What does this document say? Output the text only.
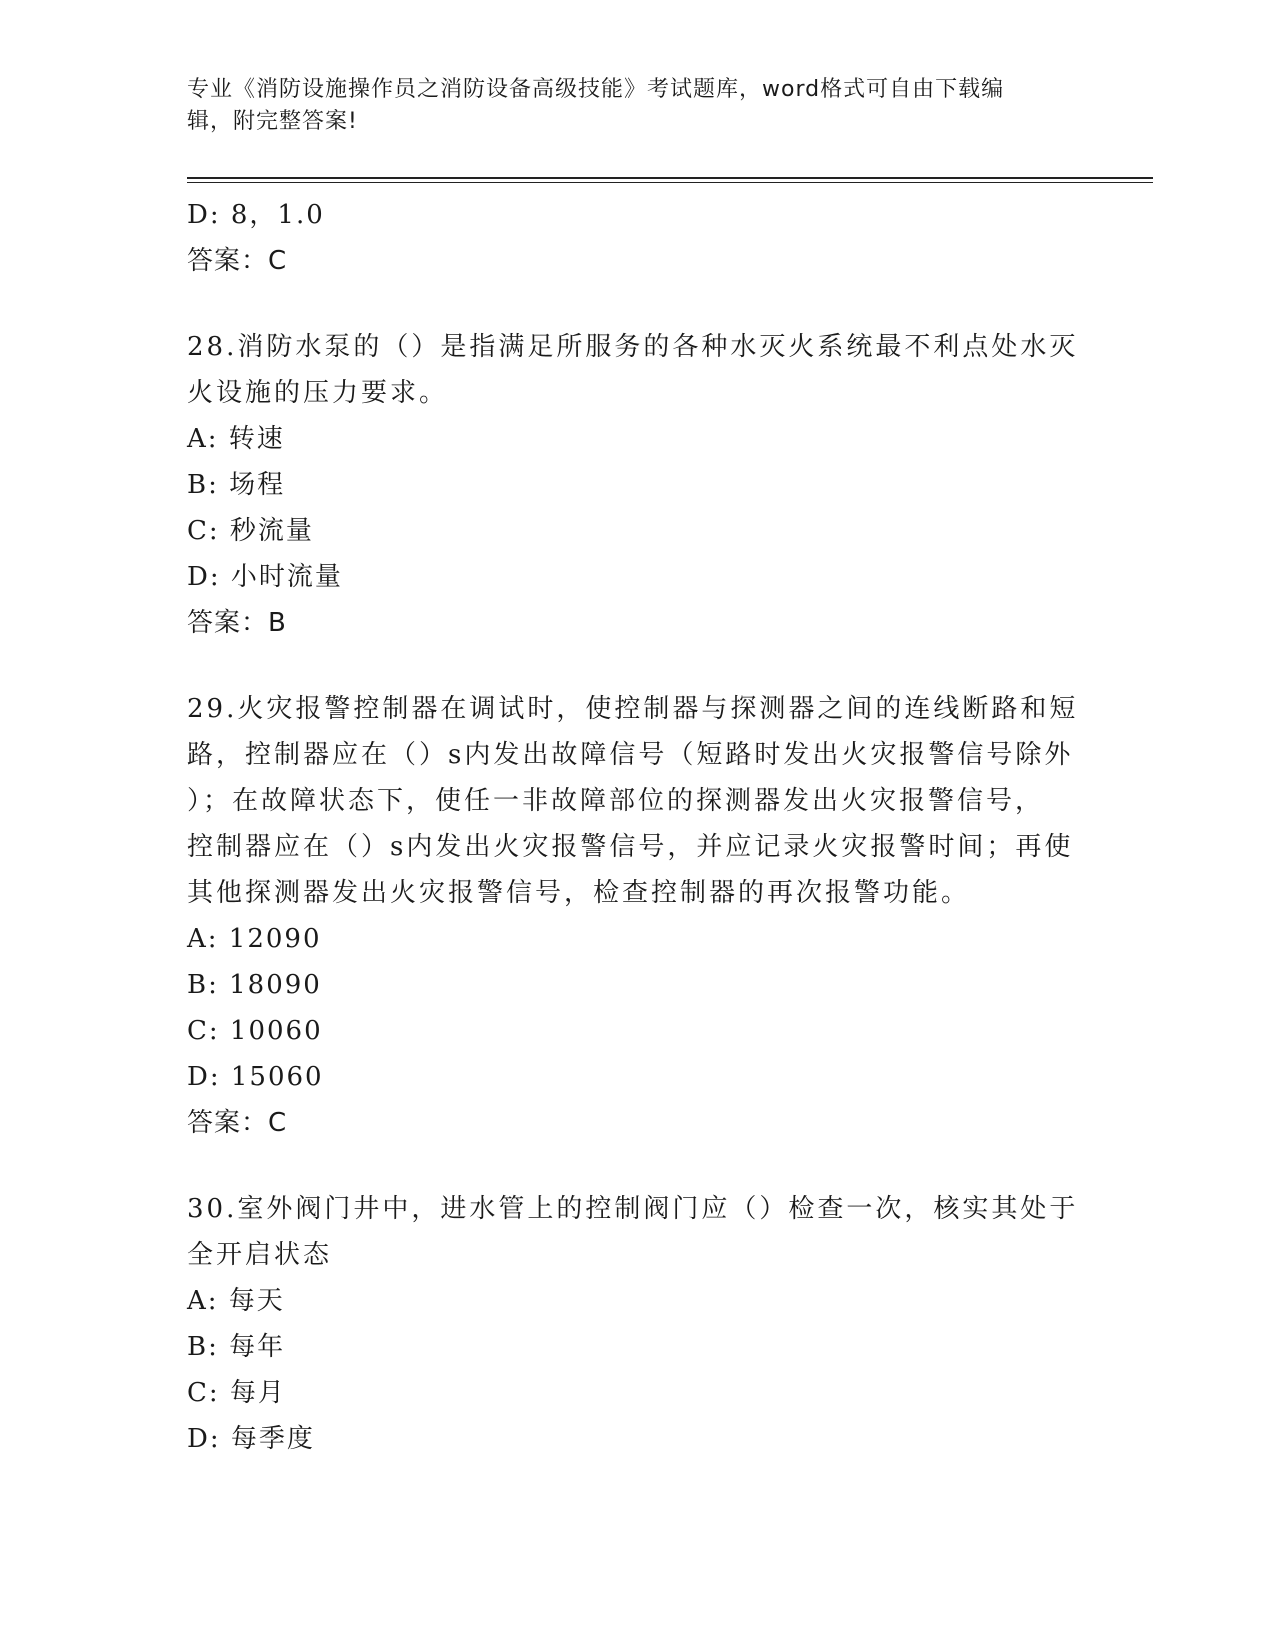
专业《消防设施操作员之消防设备高级技能》考试题库，word格式可自由下载编
辑，附完整答案!
D: 8，1.0
答案：C
28.消防水泵的（）是指满足所服务的各种水灭火系统最不利点处水灭
火设施的压力要求。
A: 转速
B: 场程
C: 秒流量
D: 小时流量
答案：B
29.火灾报警控制器在调试时，使控制器与探测器之间的连线断路和短
路，控制器应在（）s内发出故障信号（短路时发出火灾报警信号除外
）；在故障状态下，使任一非故障部位的探测器发出火灾报警信号，
控制器应在（）s内发出火灾报警信号，并应记录火灾报警时间；再使
其他探测器发出火灾报警信号，检查控制器的再次报警功能。
A: 12090
B: 18090
C: 10060
D: 15060
答案：C
30.室外阀门井中，进水管上的控制阀门应（）检查一次，核实其处于
全开启状态
A: 每天
B: 每年
C: 每月
D: 每季度
